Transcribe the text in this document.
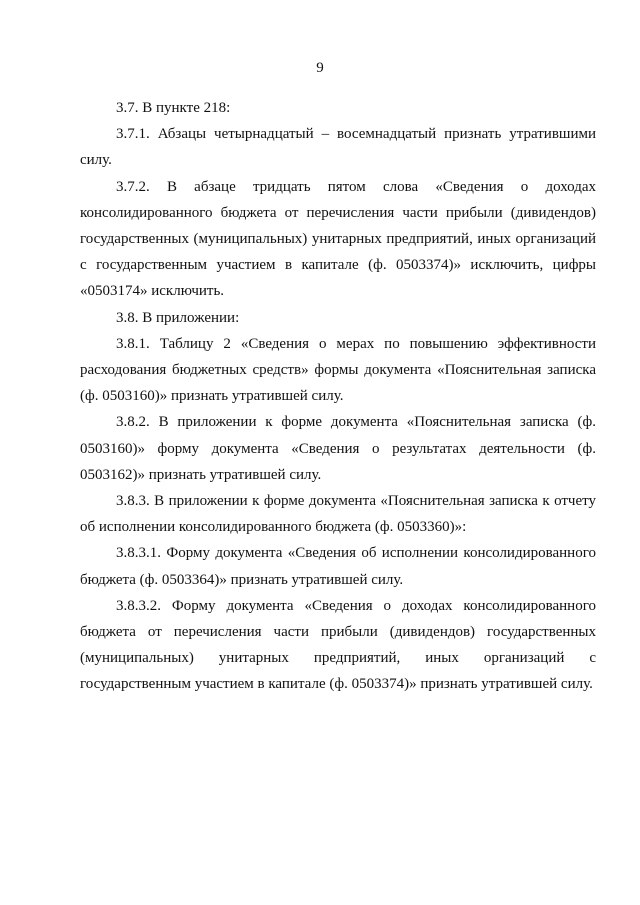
9

3.7. В пункте 218:

3.7.1. Абзацы четырнадцатый – восемнадцатый признать утратившими силу.

3.7.2. В абзаце тридцать пятом слова «Сведения о доходах консолидированного бюджета от перечисления части прибыли (дивидендов) государственных (муниципальных) унитарных предприятий, иных организаций с государственным участием в капитале (ф. 0503374)» исключить, цифры «0503174» исключить.

3.8. В приложении:

3.8.1. Таблицу 2 «Сведения о мерах по повышению эффективности расходования бюджетных средств» формы документа «Пояснительная записка (ф. 0503160)» признать утратившей силу.

3.8.2. В приложении к форме документа «Пояснительная записка (ф. 0503160)» форму документа «Сведения о результатах деятельности (ф. 0503162)» признать утратившей силу.

3.8.3. В приложении к форме документа «Пояснительная записка к отчету об исполнении консолидированного бюджета (ф. 0503360)»:

3.8.3.1. Форму документа «Сведения об исполнении консолидированного бюджета (ф. 0503364)» признать утратившей силу.

3.8.3.2. Форму документа «Сведения о доходах консолидированного бюджета от перечисления части прибыли (дивидендов) государственных (муниципальных) унитарных предприятий, иных организаций с государственным участием в капитале (ф. 0503374)» признать утратившей силу.
